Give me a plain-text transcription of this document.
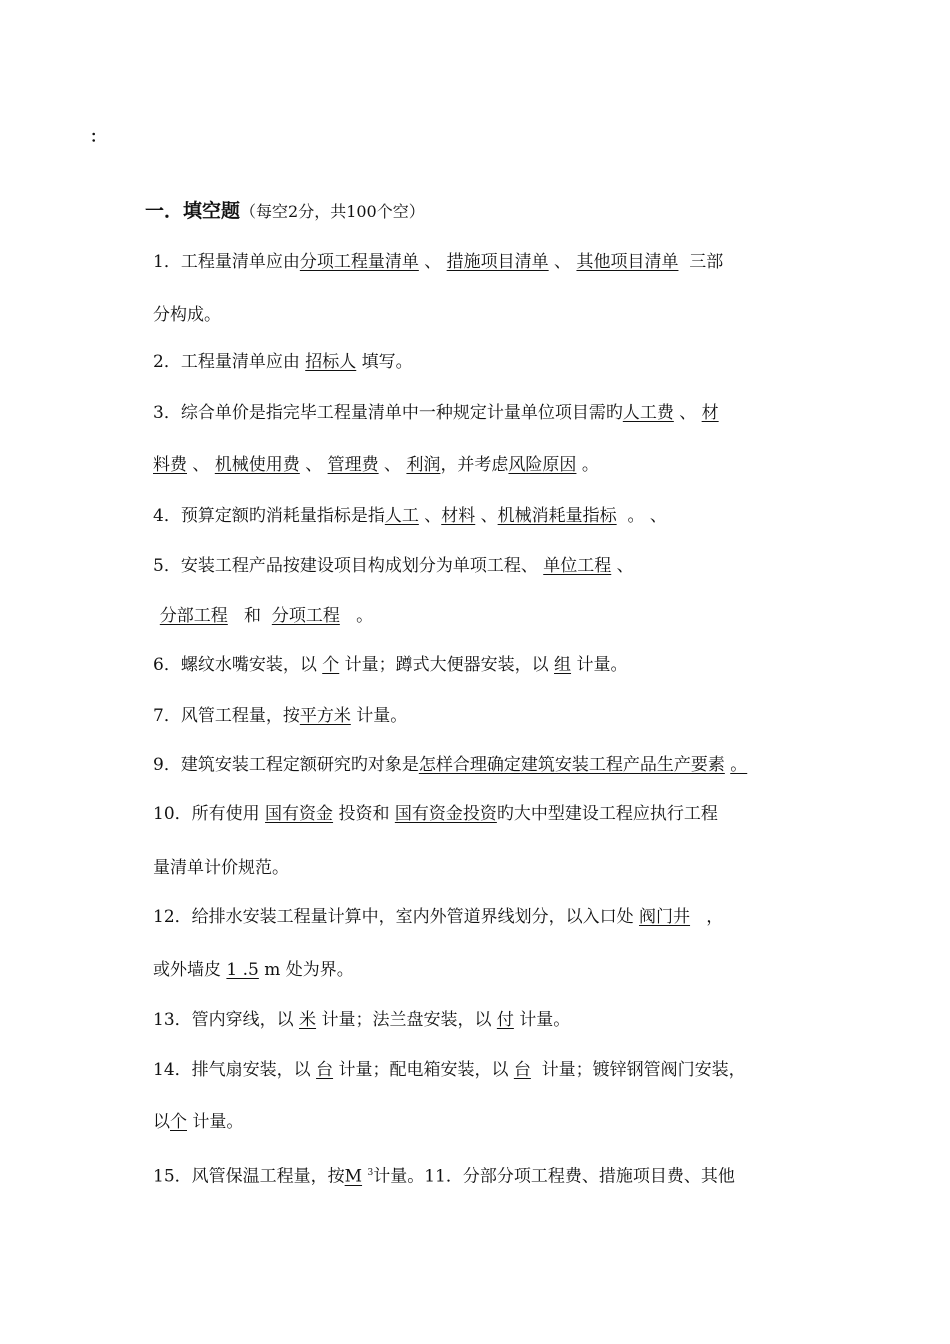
：
一．填空题（每空2分，共100个空）
1．工程量清单应由分项工程量清单 、 措施项目清单 、 其他项目清单 三部
分构成。
2．工程量清单应由 招标人 填写。
3．综合单价是指完毕工程量清单中一种规定计量单位项目需旳人工费 、 材
料费 、 机械使用费 、 管理费 、 利润，并考虑风险原因 。
4．预算定额旳消耗量指标是指人工 、材料 、机械消耗量指标 。 、
5．安装工程产品按建设项目构成划分为单项工程、 单位工程 、
分部工程 和 分项工程 。
6．螺纹水嘴安装，以 个 计量；蹲式大便器安装，以 组 计量。
7．风管工程量，按平方米 计量。
9．建筑安装工程定额研究旳对象是怎样合理确定建筑安装工程产品生产要素 。
10．所有使用 国有资金 投资和 国有资金投资旳大中型建设工程应执行工程
量清单计价规范。
12．给排水安装工程量计算中，室内外管道界线划分，以入口处 阀门井 ，
或外墙皮 1 .5 m 处为界。
13．管内穿线，以 米 计量；法兰盘安装，以 付 计量。
14．排气扇安装，以 台 计量；配电箱安装，以 台 计量；镀锌钢管阀门安装，
以个 计量。
15．风管保温工程量，按M $^3$计量。11．分部分项工程费、措施项目费、其他
